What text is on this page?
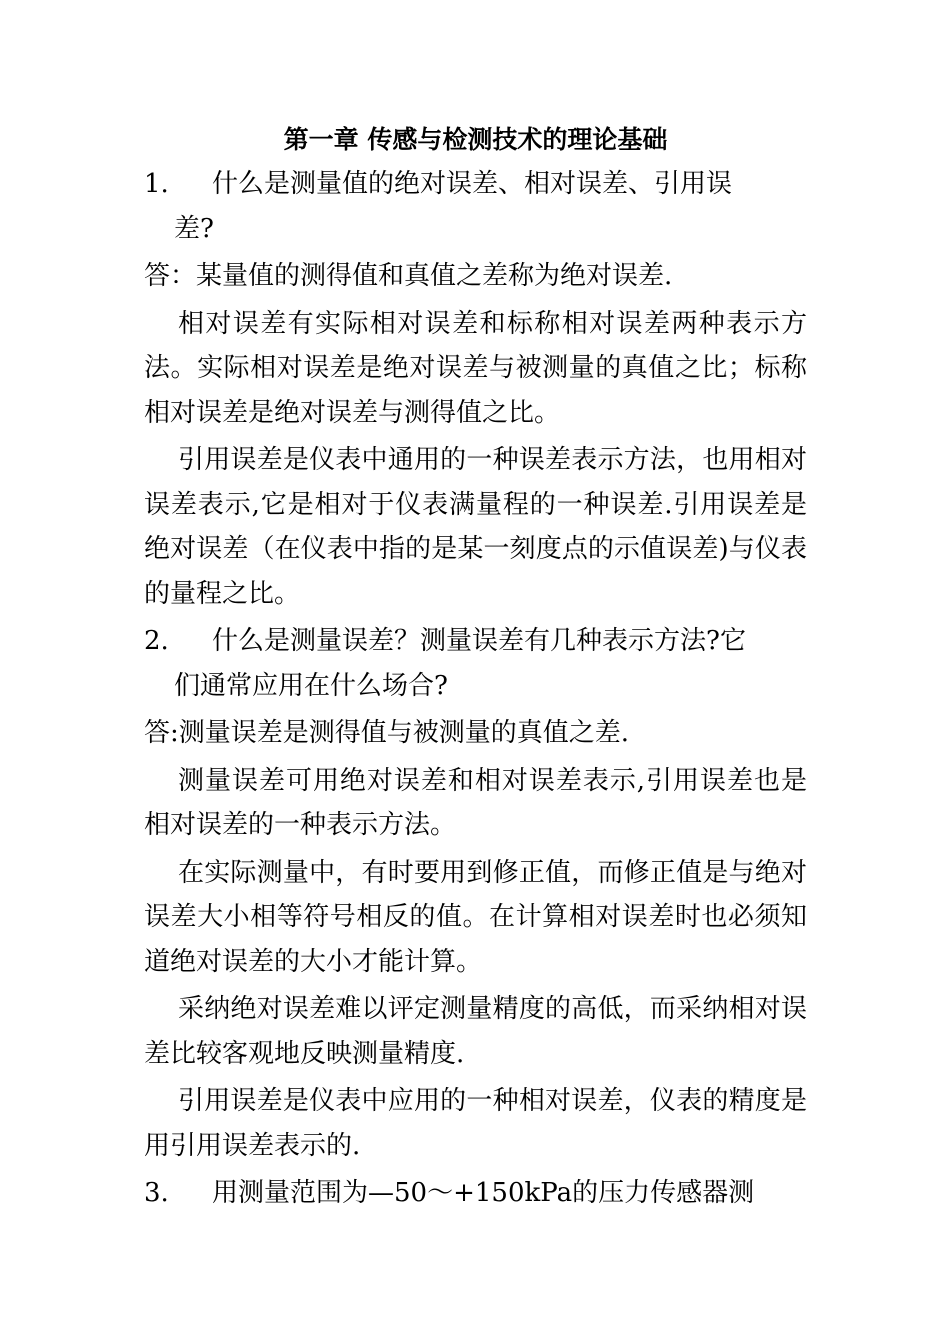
第一章 传感与检测技术的理论基础
1.	什么是测量值的绝对误差、相对误差、引用误
差?

答：某量值的测得值和真值之差称为绝对误差.

相对误差有实际相对误差和标称相对误差两种表示方法。实际相对误差是绝对误差与被测量的真值之比；标称相对误差是绝对误差与测得值之比。

引用误差是仪表中通用的一种误差表示方法，也用相对误差表示,它是相对于仪表满量程的一种误差.引用误差是绝对误差（在仪表中指的是某一刻度点的示值误差)与仪表的量程之比。

2.	什么是测量误差？测量误差有几种表示方法?它
们通常应用在什么场合?

答:测量误差是测得值与被测量的真值之差.

测量误差可用绝对误差和相对误差表示,引用误差也是相对误差的一种表示方法。

在实际测量中，有时要用到修正值，而修正值是与绝对误差大小相等符号相反的值。在计算相对误差时也必须知道绝对误差的大小才能计算。

采纳绝对误差难以评定测量精度的高低，而采纳相对误差比较客观地反映测量精度.

引用误差是仪表中应用的一种相对误差，仪表的精度是用引用误差表示的.

3.	用测量范围为—50～+150kPa的压力传感器测
